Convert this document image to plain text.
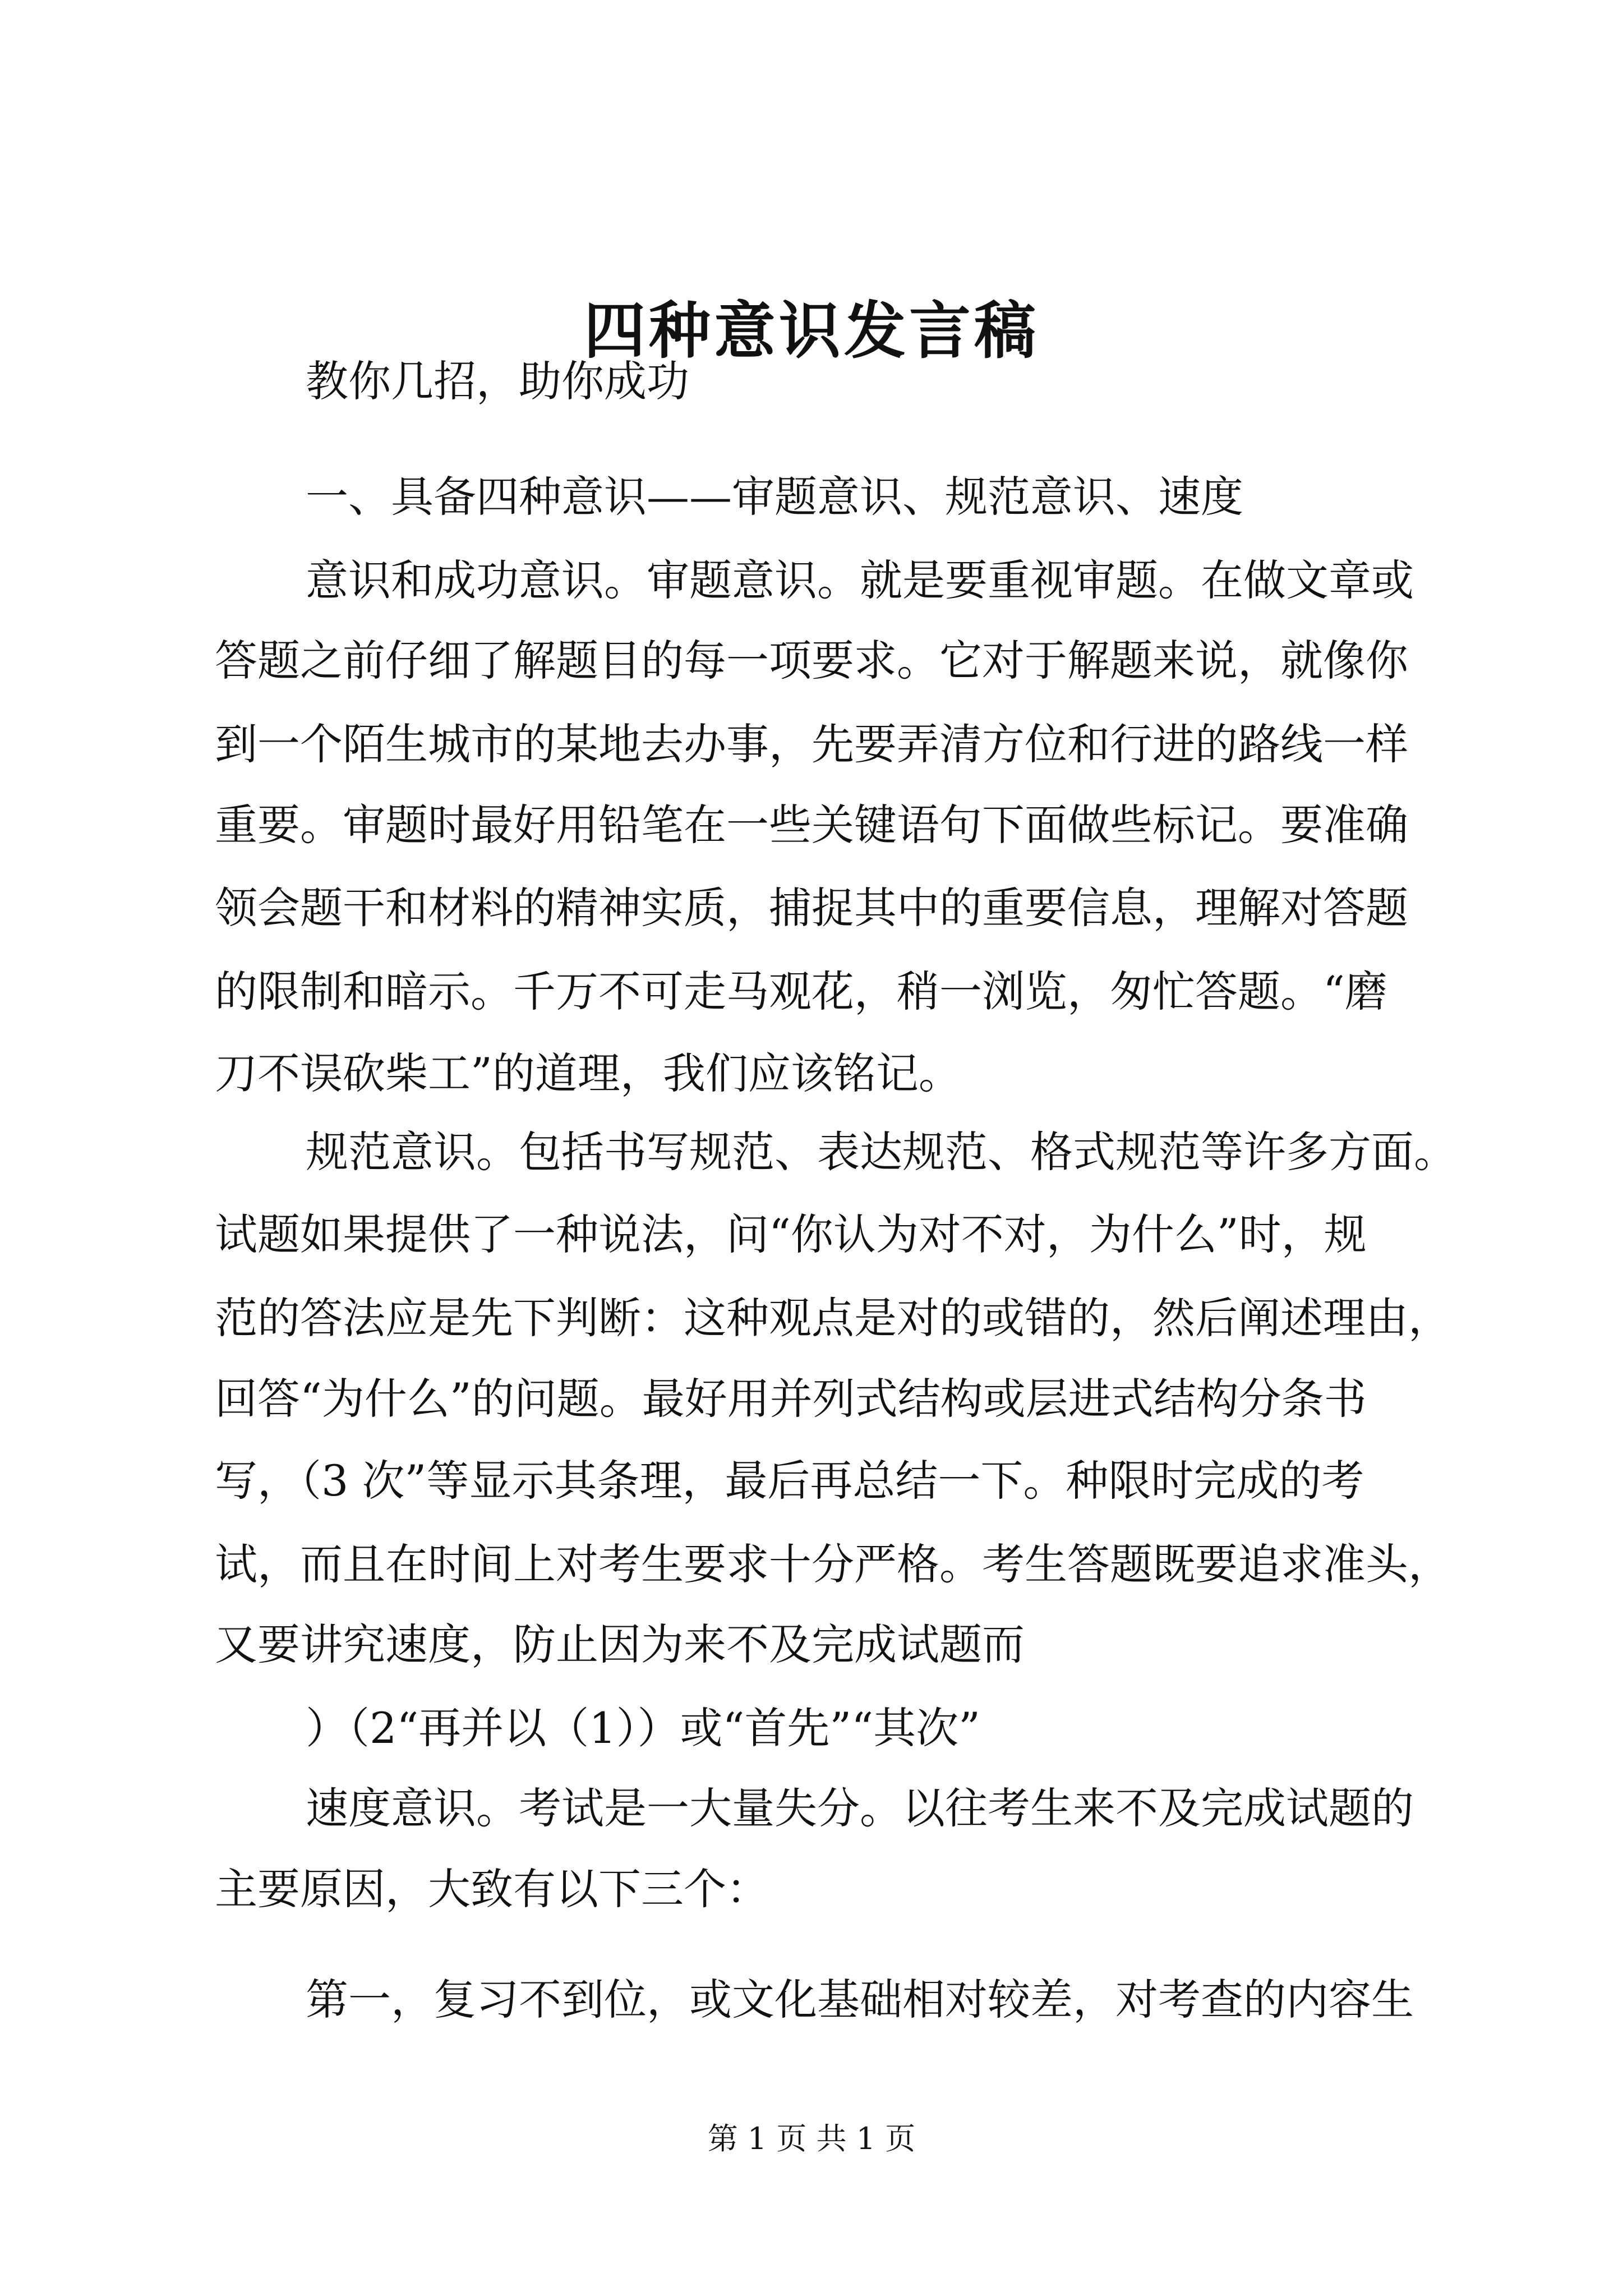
四种意识发言稿

教你几招，助你成功

一、具备四种意识——审题意识、规范意识、速度

意识和成功意识。审题意识。就是要重视审题。在做文章或

答题之前仔细了解题目的每一项要求。它对于解题来说，就像你

到一个陌生城市的某地去办事，先要弄清方位和行进的路线一样

重要。审题时最好用铅笔在一些关键语句下面做些标记。要准确

领会题干和材料的精神实质，捕捉其中的重要信息，理解对答题

的限制和暗示。千万不可走马观花，稍一浏览，匆忙答题。“磨

刀不误砍柴工”的道理，我们应该铭记。

规范意识。包括书写规范、表达规范、格式规范等许多方面。

试题如果提供了一种说法，问“你认为对不对，为什么”时，规

范的答法应是先下判断：这种观点是对的或错的，然后阐述理由，

回答“为什么”的问题。最好用并列式结构或层进式结构分条书

写，（3 次”等显示其条理，最后再总结一下。种限时完成的考

试，而且在时间上对考生要求十分严格。考生答题既要追求准头，

又要讲究速度，防止因为来不及完成试题而

）（2“再并以（1））或“首先”“其次”

速度意识。考试是一大量失分。以往考生来不及完成试题的

主要原因，大致有以下三个：

第一，复习不到位，或文化基础相对较差，对考查的内容生

第 1 页 共 1 页
